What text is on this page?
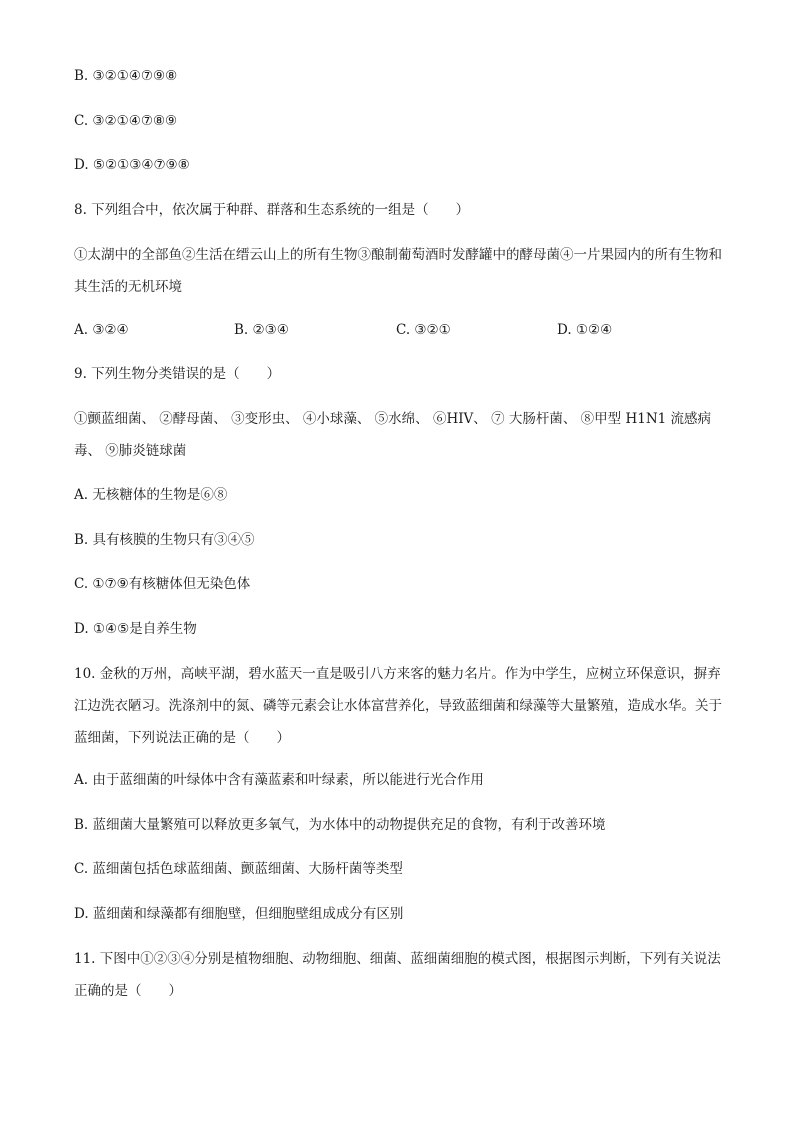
B. ③②①④⑦⑨⑧
C. ③②①④⑦⑧⑨
D. ⑤②①③④⑦⑨⑧
8. 下列组合中，依次属于种群、群落和生态系统的一组是（　　）
①太湖中的全部鱼②生活在缙云山上的所有生物③酿制葡萄酒时发酵罐中的酵母菌④一片果园内的所有生物和其生活的无机环境
A. ③②④	B. ②③④	C. ③②①	D. ①②④
9. 下列生物分类错误的是（　　）
①颤蓝细菌、 ②酵母菌、 ③变形虫、 ④小球藻、 ⑤水绵、 ⑥HIV、 ⑦ 大肠杆菌、 ⑧甲型 H1N1 流感病毒、 ⑨肺炎链球菌
A. 无核糖体的生物是⑥⑧
B. 具有核膜的生物只有③④⑤
C. ①⑦⑨有核糖体但无染色体
D. ①④⑤是自养生物
10. 金秋的万州，高峡平湖，碧水蓝天一直是吸引八方来客的魅力名片。作为中学生，应树立环保意识，摒弃江边洗衣陋习。洗涤剂中的氮、磷等元素会让水体富营养化，导致蓝细菌和绿藻等大量繁殖，造成水华。关于蓝细菌，下列说法正确的是（　　）
A. 由于蓝细菌的叶绿体中含有藻蓝素和叶绿素，所以能进行光合作用
B. 蓝细菌大量繁殖可以释放更多氧气，为水体中的动物提供充足的食物，有利于改善环境
C. 蓝细菌包括色球蓝细菌、颤蓝细菌、大肠杆菌等类型
D. 蓝细菌和绿藻都有细胞壁，但细胞壁组成成分有区别
11. 下图中①②③④分别是植物细胞、动物细胞、细菌、蓝细菌细胞的模式图，根据图示判断，下列有关说法正确的是（　　）
